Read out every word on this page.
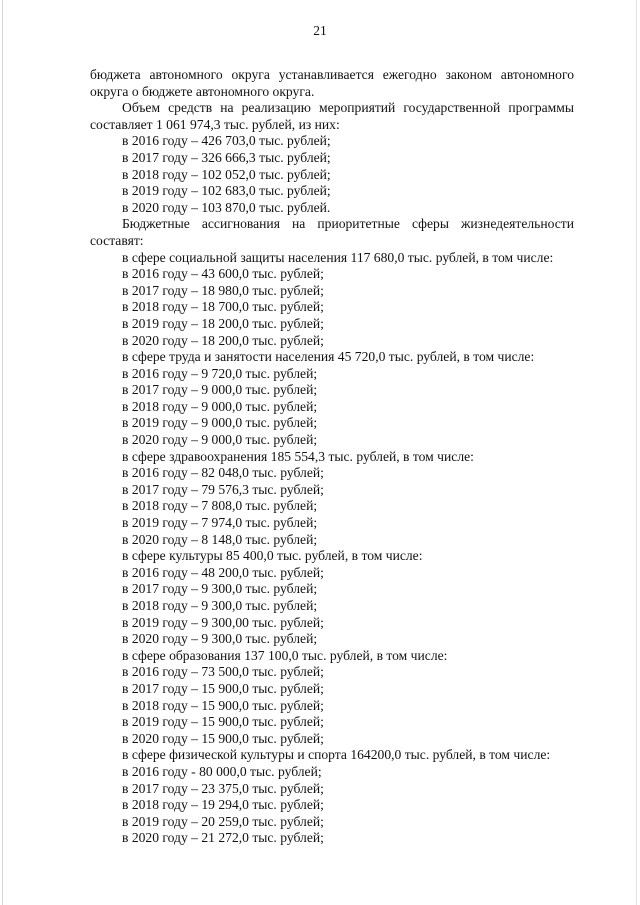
21
бюджета автономного округа устанавливается ежегодно законом автономного
округа о бюджете автономного округа.
Объем средств на реализацию мероприятий государственной программы
составляет 1 061 974,3 тыс. рублей, из них:
в 2016 году – 426 703,0 тыс. рублей;
в 2017 году – 326 666,3 тыс. рублей;
в 2018 году – 102 052,0 тыс. рублей;
в 2019 году – 102 683,0 тыс. рублей;
в 2020 году – 103 870,0 тыс. рублей.
Бюджетные ассигнования на приоритетные сферы жизнедеятельности
составят:
в сфере социальной защиты населения 117 680,0 тыс. рублей, в том числе:
в 2016 году – 43 600,0 тыс. рублей;
в 2017 году – 18 980,0 тыс. рублей;
в 2018 году – 18 700,0 тыс. рублей;
в 2019 году – 18 200,0 тыс. рублей;
в 2020 году – 18 200,0 тыс. рублей;
в сфере труда и занятости населения 45 720,0 тыс. рублей, в том числе:
в 2016 году – 9 720,0 тыс. рублей;
в 2017 году – 9 000,0 тыс. рублей;
в 2018 году – 9 000,0 тыс. рублей;
в 2019 году – 9 000,0 тыс. рублей;
в 2020 году – 9 000,0 тыс. рублей;
в сфере здравоохранения 185 554,3 тыс. рублей, в том числе:
в 2016 году – 82 048,0 тыс. рублей;
в 2017 году – 79 576,3 тыс. рублей;
в 2018 году – 7 808,0 тыс. рублей;
в 2019 году – 7 974,0 тыс. рублей;
в 2020 году – 8 148,0 тыс. рублей;
в сфере культуры 85 400,0 тыс. рублей, в том числе:
в 2016 году – 48 200,0 тыс. рублей;
в 2017 году – 9 300,0 тыс. рублей;
в 2018 году – 9 300,0 тыс. рублей;
в 2019 году – 9 300,00 тыс. рублей;
в 2020 году – 9 300,0 тыс. рублей;
в сфере образования 137 100,0 тыс. рублей, в том числе:
в 2016 году – 73 500,0 тыс. рублей;
в 2017 году – 15 900,0 тыс. рублей;
в 2018 году – 15 900,0 тыс. рублей;
в 2019 году – 15 900,0 тыс. рублей;
в 2020 году – 15 900,0 тыс. рублей;
в сфере физической культуры и спорта 164200,0 тыс. рублей, в том числе:
в 2016 году - 80 000,0 тыс. рублей;
в 2017 году – 23 375,0 тыс. рублей;
в 2018 году – 19 294,0 тыс. рублей;
в 2019 году – 20 259,0 тыс. рублей;
в 2020 году – 21 272,0 тыс. рублей;
